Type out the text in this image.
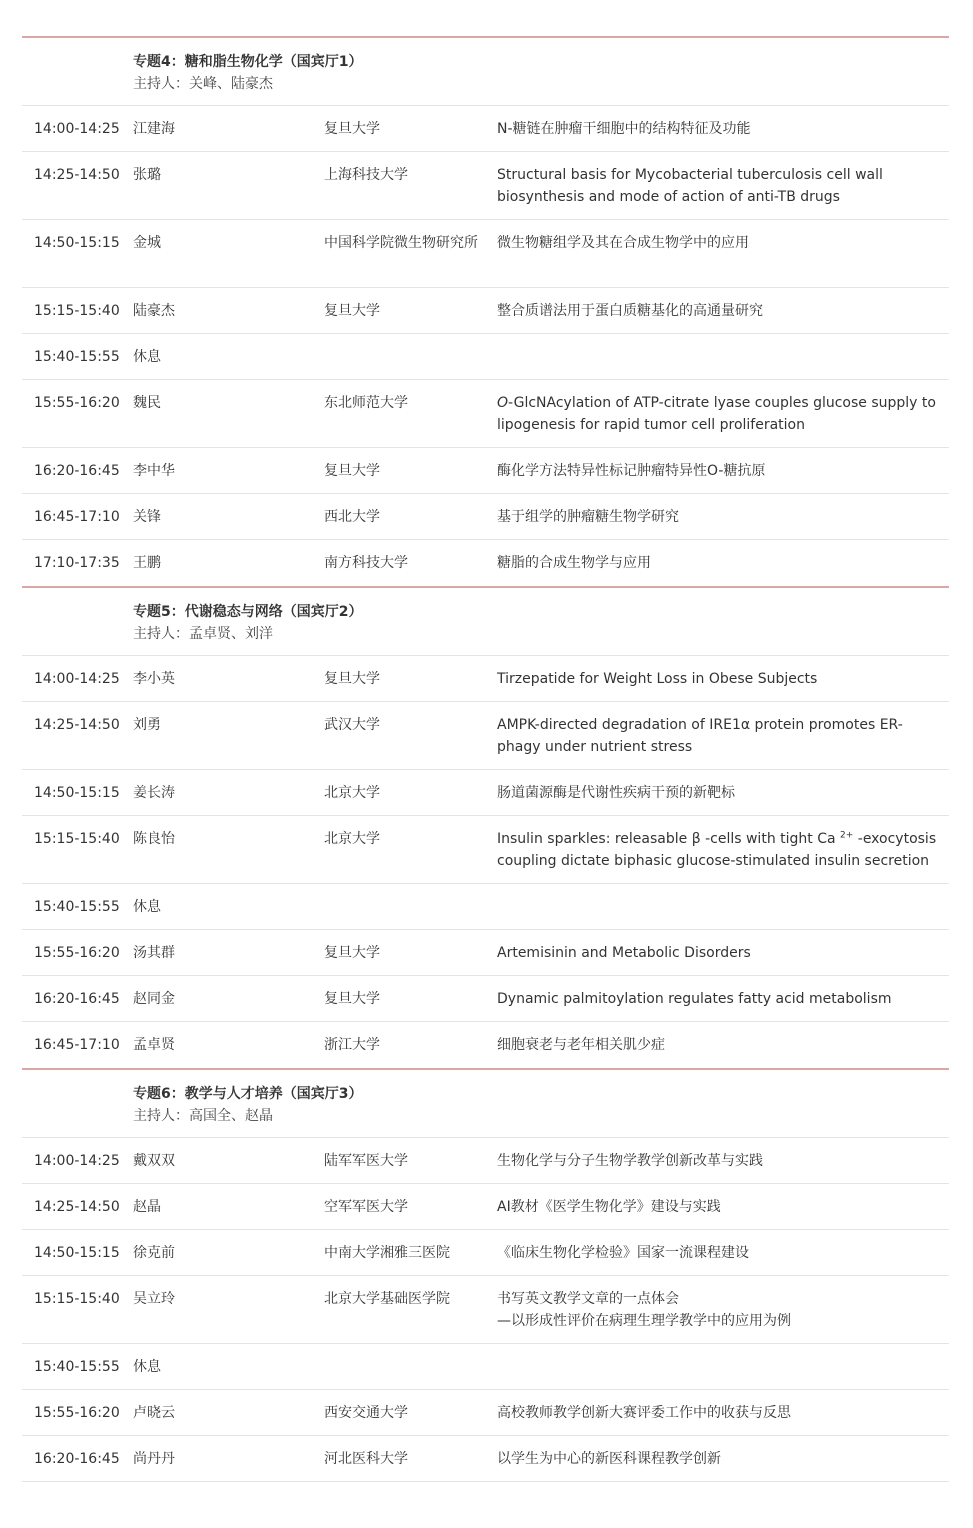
专题4：糖和脂生物化学（国宾厅1）
主持人：关峰、陆豪杰
14:00-14:25 江建海	复旦大学	N-糖链在肿瘤干细胞中的结构特征及功能
14:25-14:50 张璐	上海科技大学	Structural basis for Mycobacterial tuberculosis cell wall biosynthesis and mode of action of anti-TB drugs
14:50-15:15 金城	中国科学院微生物研究所	微生物糖组学及其在合成生物学中的应用
15:15-15:40 陆豪杰	复旦大学	整合质谱法用于蛋白质糖基化的高通量研究
15:40-15:55 休息
15:55-16:20 魏民	东北师范大学	O-GlcNAcylation of ATP-citrate lyase couples glucose supply to lipogenesis for rapid tumor cell proliferation
16:20-16:45 李中华	复旦大学	酶化学方法特异性标记肿瘤特异性O-糖抗原
16:45-17:10 关锋	西北大学	基于组学的肿瘤糖生物学研究
17:10-17:35 王鹏	南方科技大学	糖脂的合成生物学与应用
专题5：代谢稳态与网络（国宾厅2）
主持人：孟卓贤、刘洋
14:00-14:25 李小英	复旦大学	Tirzepatide for Weight Loss in Obese Subjects
14:25-14:50 刘勇	武汉大学	AMPK-directed degradation of IRE1α protein promotes ER-phagy under nutrient stress
14:50-15:15 姜长涛	北京大学	肠道菌源酶是代谢性疾病干预的新靶标
15:15-15:40 陈良怡	北京大学	Insulin sparkles: releasable β -cells with tight Ca $^{2+}$ -exocytosis coupling dictate biphasic glucose-stimulated insulin secretion
15:40-15:55 休息
15:55-16:20 汤其群	复旦大学	Artemisinin and Metabolic Disorders
16:20-16:45 赵同金	复旦大学	Dynamic palmitoylation regulates fatty acid metabolism
16:45-17:10 孟卓贤	浙江大学	细胞衰老与老年相关肌少症
专题6：教学与人才培养（国宾厅3）
主持人：高国全、赵晶
14:00-14:25 戴双双	陆军军医大学	生物化学与分子生物学教学创新改革与实践
14:25-14:50 赵晶	空军军医大学	AI教材《医学生物化学》建设与实践
14:50-15:15 徐克前	中南大学湘雅三医院	《临床生物化学检验》国家一流课程建设
15:15-15:40 吴立玲	北京大学基础医学院	书写英文教学文章的一点体会
—以形成性评价在病理生理学教学中的应用为例
15:40-15:55 休息
15:55-16:20 卢晓云	西安交通大学	高校教师教学创新大赛评委工作中的收获与反思
16:20-16:45 尚丹丹	河北医科大学	以学生为中心的新医科课程教学创新
